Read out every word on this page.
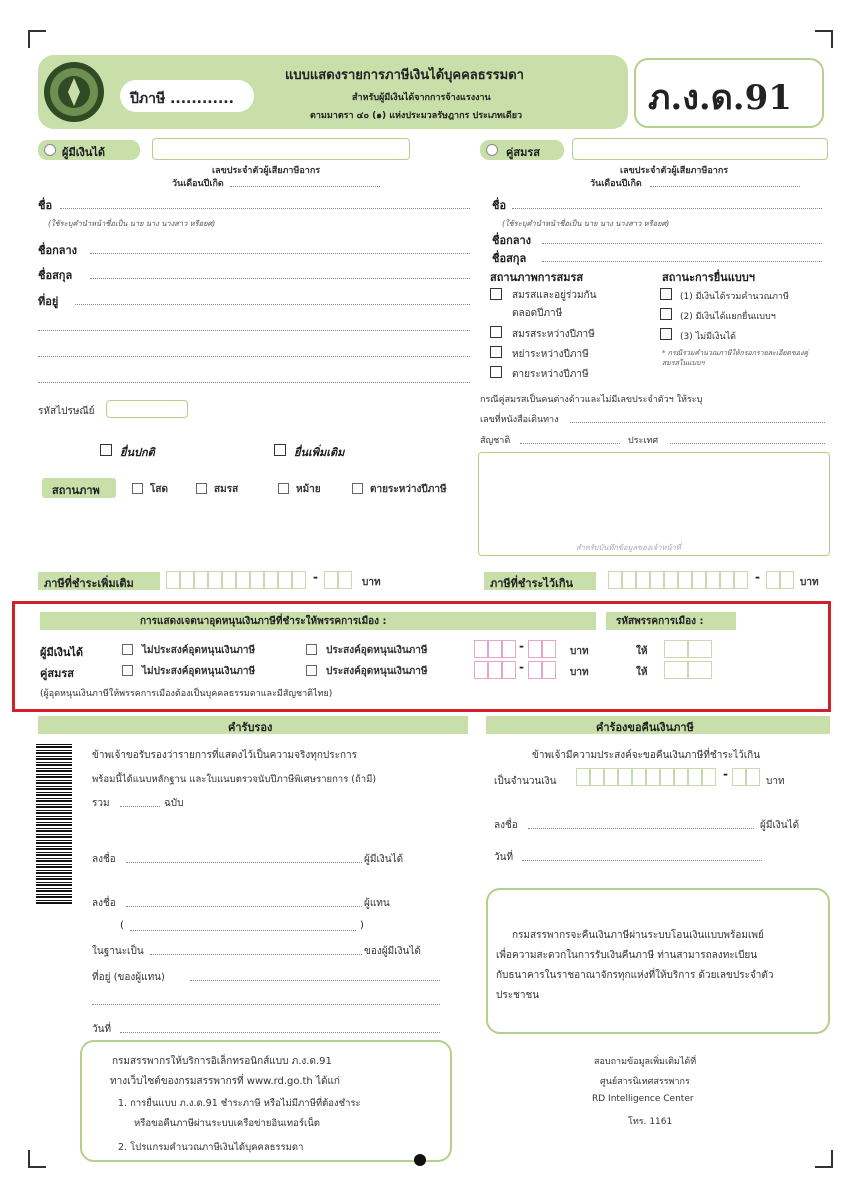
ปีภาษี ............
แบบแสดงรายการภาษีเงินได้บุคคลธรรมดา
สำหรับผู้มีเงินได้จากการจ้างแรงงาน
ตามมาตรา ๔๐ (๑) แห่งประมวลรัษฎากร ประเภทเดียว	ภ.ง.ด.91
ผู้มีเงินได้
เลขประจำตัวผู้เสียภาษีอากร
วันเดือนปีเกิด
ชื่อ
(ใช้ระบุคำนำหน้าชื่อเป็น นาย นาง นางสาว หรือยศ)
ชื่อกลาง
ชื่อสกุล
ที่อยู่
รหัสไปรษณีย์
ยื่นปกติ	ยื่นเพิ่มเติม
สถานภาพ	โสด	สมรส	หม้าย	ตายระหว่างปีภาษี
คู่สมรส
เลขประจำตัวผู้เสียภาษีอากร
วันเดือนปีเกิด
ชื่อ
(ใช้ระบุคำนำหน้าชื่อเป็น นาย นาง นางสาว หรือยศ)
ชื่อกลาง
ชื่อสกุล
สถานภาพการสมรส
สมรสและอยู่ร่วมกัน
ตลอดปีภาษี
สมรสระหว่างปีภาษี
หย่าระหว่างปีภาษี
ตายระหว่างปีภาษี
สถานะการยื่นแบบฯ
(1) มีเงินได้รวมคำนวณภาษี
(2) มีเงินได้แยกยื่นแบบฯ
(3) ไม่มีเงินได้
* กรณีรวมคำนวณภาษีให้กรอกรายละเอียดของคู่สมรสในแบบฯ
กรณีคู่สมรสเป็นคนต่างด้าวและไม่มีเลขประจำตัวฯ ให้ระบุ
เลขที่หนังสือเดินทาง
สัญชาติ	ประเทศ
สำหรับบันทึกข้อมูลของเจ้าหน้าที่
ภาษีที่ชำระเพิ่มเติม	-	บาท	ภาษีที่ชำระไว้เกิน	-	บาท
การแสดงเจตนาอุดหนุนเงินภาษีที่ชำระให้พรรคการเมือง :	รหัสพรรคการเมือง :
ผู้มีเงินได้	ไม่ประสงค์อุดหนุนเงินภาษี	ประสงค์อุดหนุนเงินภาษี	-	บาท	ให้
คู่สมรส	ไม่ประสงค์อุดหนุนเงินภาษี	ประสงค์อุดหนุนเงินภาษี	-	บาท	ให้
(ผู้อุดหนุนเงินภาษีให้พรรคการเมืองต้องเป็นบุคคลธรรมดาและมีสัญชาติไทย)
คำรับรอง
ข้าพเจ้าขอรับรองว่ารายการที่แสดงไว้เป็นความจริงทุกประการ
พร้อมนี้ได้แนบหลักฐาน และใบแนบตรวจนับปีภาษีพิเศษรายการ (ถ้ามี)
รวม	ฉบับ
ลงชื่อ	ผู้มีเงินได้
ลงชื่อ	ผู้แทน
(	)
ในฐานะเป็น	ของผู้มีเงินได้
ที่อยู่ (ของผู้แทน)
วันที่
คำร้องขอคืนเงินภาษี
ข้าพเจ้ามีความประสงค์จะขอคืนเงินภาษีที่ชำระไว้เกิน
เป็นจำนวนเงิน
-
บาท
ลงชื่อ	ผู้มีเงินได้
วันที่
กรมสรรพากรจะคืนเงินภาษีผ่านระบบโอนเงินแบบพร้อมเพย์
เพื่อความสะดวกในการรับเงินคืนภาษี ท่านสามารถลงทะเบียน
กับธนาคารในราชอาณาจักรทุกแห่งที่ให้บริการ ด้วยเลขประจำตัว
ประชาชน
กรมสรรพากรให้บริการอิเล็กทรอนิกส์แบบ ภ.ง.ด.91
ทางเว็บไซต์ของกรมสรรพากรที่ www.rd.go.th ได้แก่
1. การยื่นแบบ ภ.ง.ด.91 ชำระภาษี หรือไม่มีภาษีที่ต้องชำระ
หรือขอคืนภาษีผ่านระบบเครือข่ายอินเทอร์เน็ต
2. โปรแกรมคำนวณภาษีเงินได้บุคคลธรรมดา
สอบถามข้อมูลเพิ่มเติมได้ที่
ศูนย์สารนิเทศสรรพากร
RD Intelligence Center
โทร. 1161
